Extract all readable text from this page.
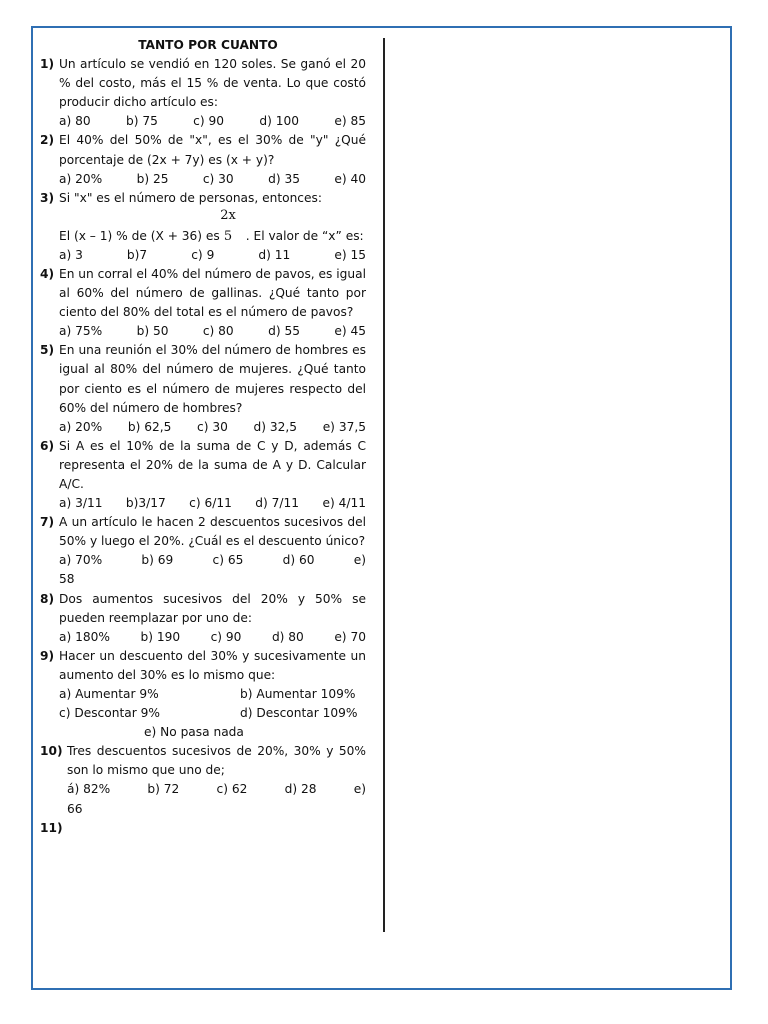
TANTO POR CUANTO
1) Un artículo se vendió en 120 soles. Se ganó el 20 % del costo, más el 15 % de venta. Lo que costó producir dicho artículo es:
a) 80	b) 75	c) 90	d) 100	e) 85
2) El 40% del 50% de "x", es el 30% de "y" ¿Qué porcentaje de (2x + 7y) es (x + y)?
a) 20%	b) 25	c) 30	d) 35	e) 40
3) Si "x" es el número de personas, entonces:
2x
5
El (x – 1) % de (X + 36) es . El valor de “x” es:
a) 3	b)7	c) 9	d) 11	e) 15
4) En un corral el 40% del número de pavos, es igual al 60% del número de gallinas. ¿Qué tanto por ciento del 80% del total es el número de pavos?
a) 75%	b) 50	c) 80	d) 55	e) 45
5) En una reunión el 30% del número de hombres es igual al 80% del número de mujeres. ¿Qué tanto por ciento es el número de mujeres respecto del 60% del número de hombres?
a) 20% b) 62,5 c) 30 d) 32,5 e) 37,5
6) Si A es el 10% de la suma de C y D, además C representa el 20% de la suma de A y D. Calcular A/C.
a) 3/11 b)3/17 c) 6/11 d) 7/11 e) 4/11
7) A un artículo le hacen 2 descuentos sucesivos del 50% y luego el 20%. ¿Cuál es el descuento único?
a) 70%	b) 69	c) 65	d) 60	e)
58
8) Dos aumentos sucesivos del 20% y 50% se pueden reemplazar por uno de:
a) 180%	b) 190	c) 90	d) 80	e) 70
9) Hacer un descuento del 30% y sucesivamente un aumento del 30% es lo mismo que:
a) Aumentar 9%	b) Aumentar 109%
c) Descontar 9%	d) Descontar 109%
e) No pasa nada
10) Tres descuentos sucesivos de 20%, 30% y 50% son lo mismo que uno de;
á) 82%	b) 72	c) 62	d) 28	e)
66
11)
